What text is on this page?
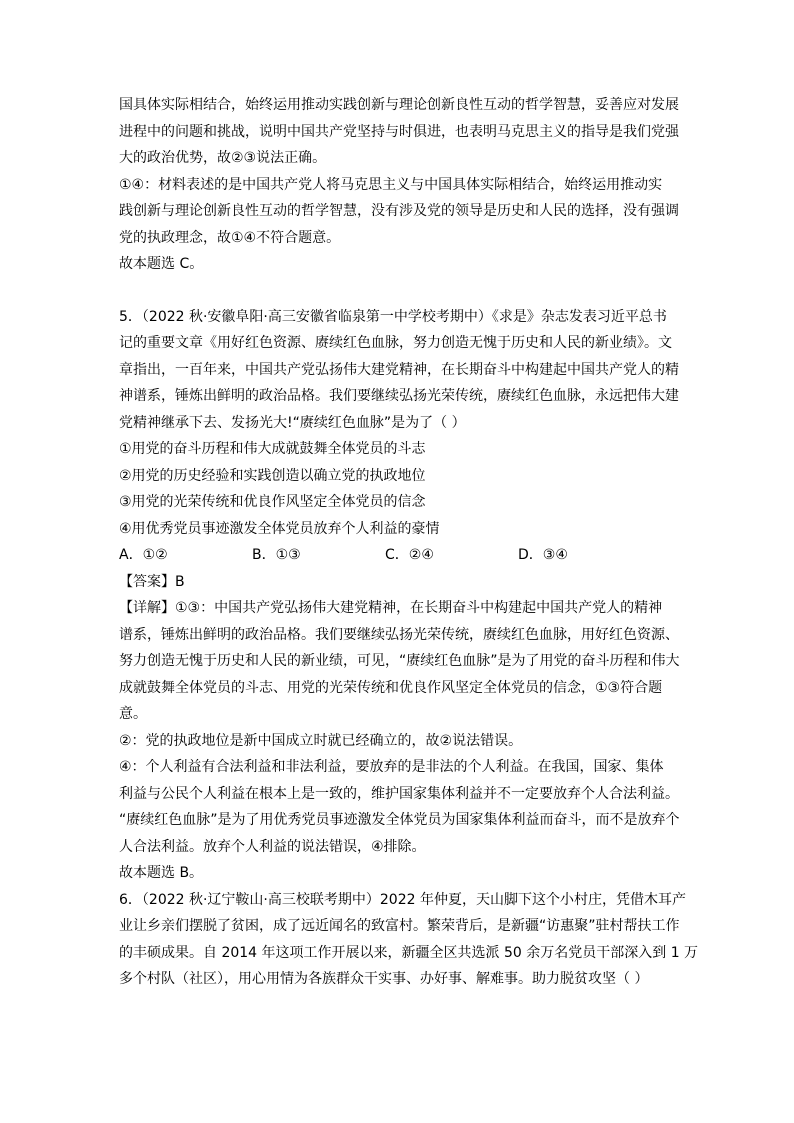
国具体实际相结合，始终运用推动实践创新与理论创新良性互动的哲学智慧，妥善应对发展
进程中的问题和挑战，说明中国共产党坚持与时俱进，也表明马克思主义的指导是我们党强
大的政治优势，故②③说法正确。
①④：材料表述的是中国共产党人将马克思主义与中国具体实际相结合，始终运用推动实
践创新与理论创新良性互动的哲学智慧，没有涉及党的领导是历史和人民的选择，没有强调
党的执政理念，故①④不符合题意。
故本题选 C。
5．（2022 秋·安徽阜阳·高三安徽省临泉第一中学校考期中）《求是》杂志发表习近平总书
记的重要文章《用好红色资源、赓续红色血脉，努力创造无愧于历史和人民的新业绩》。文
章指出，一百年来，中国共产党弘扬伟大建党精神，在长期奋斗中构建起中国共产党人的精
神谱系，锤炼出鲜明的政治品格。我们要继续弘扬光荣传统，赓续红色血脉，永远把伟大建
党精神继承下去、发扬光大!“赓续红色血脉”是为了（ ）
①用党的奋斗历程和伟大成就鼓舞全体党员的斗志
②用党的历史经验和实践创造以确立党的执政地位
③用党的光荣传统和优良作风坚定全体党员的信念
④用优秀党员事迹激发全体党员放弃个人利益的豪情
A．①②	B．①③	C．②④	D．③④
【答案】B
【详解】①③：中国共产党弘扬伟大建党精神，在长期奋斗中构建起中国共产党人的精神
谱系，锤炼出鲜明的政治品格。我们要继续弘扬光荣传统，赓续红色血脉，用好红色资源、
努力创造无愧于历史和人民的新业绩，可见，“赓续红色血脉”是为了用党的奋斗历程和伟大
成就鼓舞全体党员的斗志、用党的光荣传统和优良作风坚定全体党员的信念，①③符合题
意。
②：党的执政地位是新中国成立时就已经确立的，故②说法错误。
④：个人利益有合法利益和非法利益，要放弃的是非法的个人利益。在我国，国家、集体
利益与公民个人利益在根本上是一致的，维护国家集体利益并不一定要放弃个人合法利益。
“赓续红色血脉”是为了用优秀党员事迹激发全体党员为国家集体利益而奋斗，而不是放弃个
人合法利益。放弃个人利益的说法错误，④排除。
故本题选 B。
6．（2022 秋·辽宁鞍山·高三校联考期中）2022 年仲夏，天山脚下这个小村庄，凭借木耳产
业让乡亲们摆脱了贫困，成了远近闻名的致富村。繁荣背后，是新疆“访惠聚”驻村帮扶工作
的丰硕成果。自 2014 年这项工作开展以来，新疆全区共选派 50 余万名党员干部深入到 1 万
多个村队（社区），用心用情为各族群众干实事、办好事、解难事。助力脱贫攻坚（ ）
